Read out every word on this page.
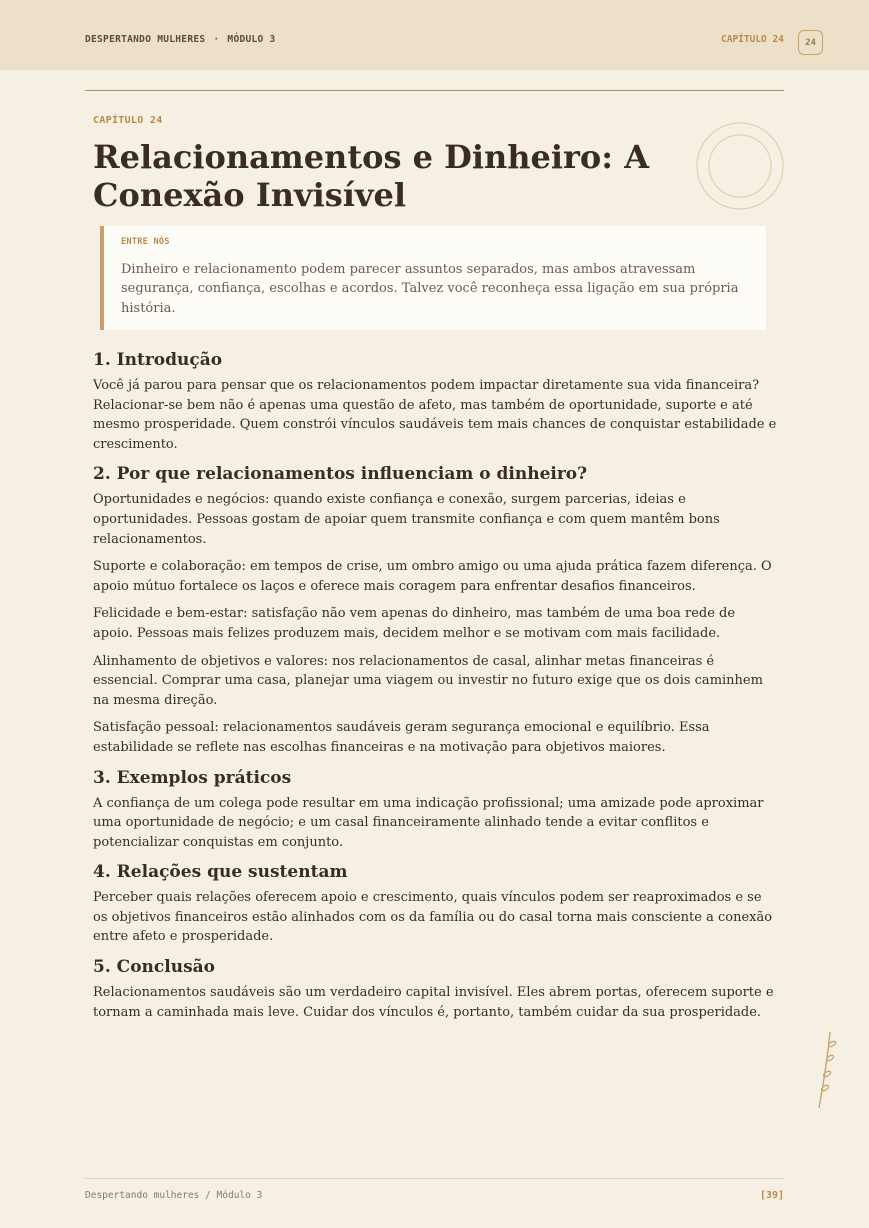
DESPERTANDO MULHERES · MÓDULO 3	CAPÍTULO 24	24
CAPÍTULO 24
Relacionamentos e Dinheiro: A Conexão Invisível
ENTRE NÓS
Dinheiro e relacionamento podem parecer assuntos separados, mas ambos atravessam segurança, confiança, escolhas e acordos. Talvez você reconheça essa ligação em sua própria história.
1. Introdução

Você já parou para pensar que os relacionamentos podem impactar diretamente sua vida financeira? Relacionar-se bem não é apenas uma questão de afeto, mas também de oportunidade, suporte e até mesmo prosperidade. Quem constrói vínculos saudáveis tem mais chances de conquistar estabilidade e crescimento.

2. Por que relacionamentos influenciam o dinheiro?

Oportunidades e negócios: quando existe confiança e conexão, surgem parcerias, ideias e oportunidades. Pessoas gostam de apoiar quem transmite confiança e com quem mantêm bons relacionamentos.

Suporte e colaboração: em tempos de crise, um ombro amigo ou uma ajuda prática fazem diferença. O apoio mútuo fortalece os laços e oferece mais coragem para enfrentar desafios financeiros.

Felicidade e bem-estar: satisfação não vem apenas do dinheiro, mas também de uma boa rede de apoio. Pessoas mais felizes produzem mais, decidem melhor e se motivam com mais facilidade.

Alinhamento de objetivos e valores: nos relacionamentos de casal, alinhar metas financeiras é essencial. Comprar uma casa, planejar uma viagem ou investir no futuro exige que os dois caminhem na mesma direção.

Satisfação pessoal: relacionamentos saudáveis geram segurança emocional e equilíbrio. Essa estabilidade se reflete nas escolhas financeiras e na motivação para objetivos maiores.

3. Exemplos práticos

A confiança de um colega pode resultar em uma indicação profissional; uma amizade pode aproximar uma oportunidade de negócio; e um casal financeiramente alinhado tende a evitar conflitos e potencializar conquistas em conjunto.

4. Relações que sustentam

Perceber quais relações oferecem apoio e crescimento, quais vínculos podem ser reaproximados e se os objetivos financeiros estão alinhados com os da família ou do casal torna mais consciente a conexão entre afeto e prosperidade.

5. Conclusão

Relacionamentos saudáveis são um verdadeiro capital invisível. Eles abrem portas, oferecem suporte e tornam a caminhada mais leve. Cuidar dos vínculos é, portanto, também cuidar da sua prosperidade.

Despertando mulheres / Módulo 3	[39]
